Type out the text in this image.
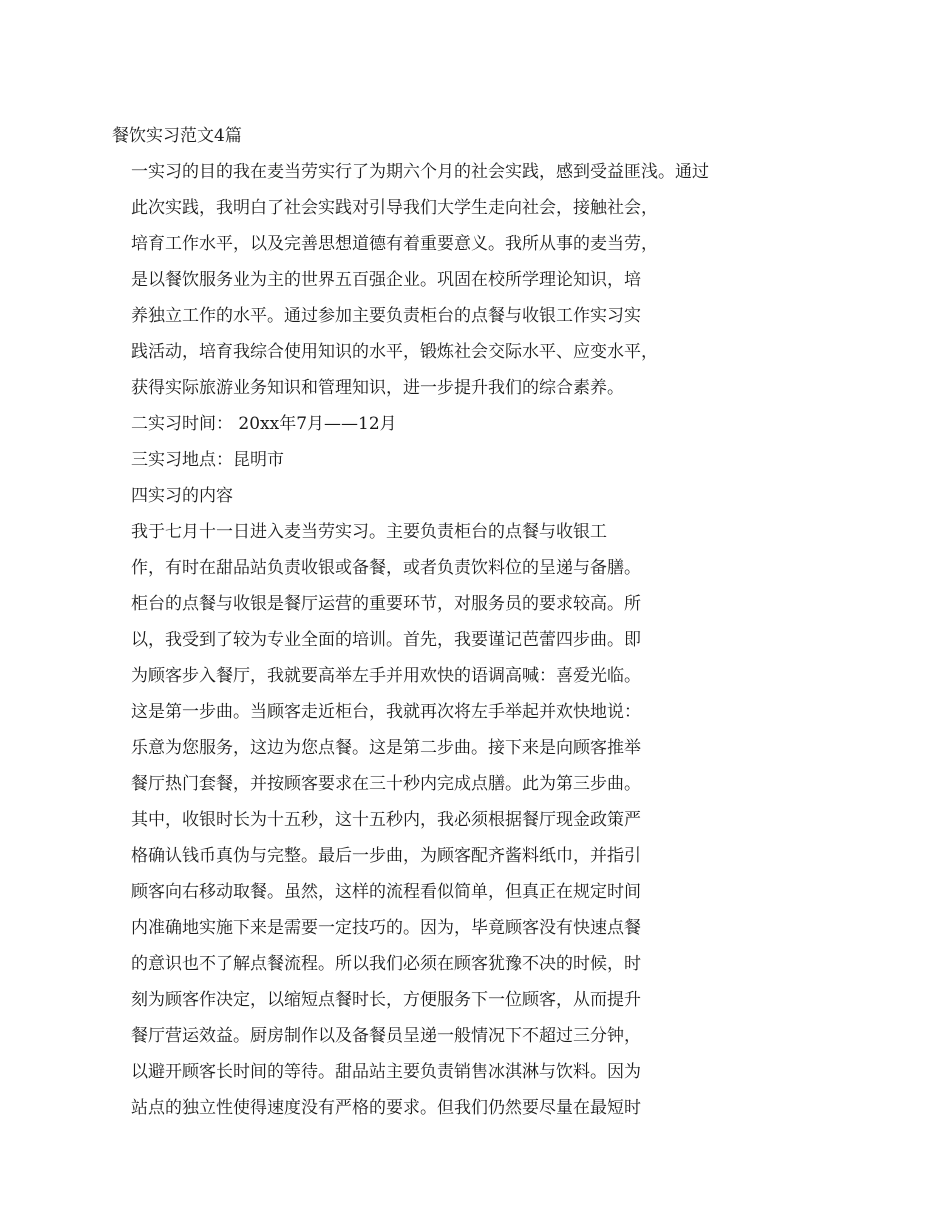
餐饮实习范文4篇
一实习的目的我在麦当劳实行了为期六个月的社会实践，感到受益匪浅。通过
此次实践，我明白了社会实践对引导我们大学生走向社会，接触社会，
培育工作水平，以及完善思想道德有着重要意义。我所从事的麦当劳，
是以餐饮服务业为主的世界五百强企业。巩固在校所学理论知识，培
养独立工作的水平。通过参加主要负责柜台的点餐与收银工作实习实
践活动，培育我综合使用知识的水平，锻炼社会交际水平、应变水平，
获得实际旅游业务知识和管理知识，进一步提升我们的综合素养。
二实习时间： 20xx年7月——12月
三实习地点：昆明市
四实习的内容
我于七月十一日进入麦当劳实习。主要负责柜台的点餐与收银工
作，有时在甜品站负责收银或备餐，或者负责饮料位的呈递与备膳。
柜台的点餐与收银是餐厅运营的重要环节，对服务员的要求较高。所
以，我受到了较为专业全面的培训。首先，我要谨记芭蕾四步曲。即
为顾客步入餐厅，我就要高举左手并用欢快的语调高喊：喜爱光临。
这是第一步曲。当顾客走近柜台，我就再次将左手举起并欢快地说：
乐意为您服务，这边为您点餐。这是第二步曲。接下来是向顾客推举
餐厅热门套餐，并按顾客要求在三十秒内完成点膳。此为第三步曲。
其中，收银时长为十五秒，这十五秒内，我必须根据餐厅现金政策严
格确认钱币真伪与完整。最后一步曲，为顾客配齐酱料纸巾，并指引
顾客向右移动取餐。虽然，这样的流程看似简单，但真正在规定时间
内准确地实施下来是需要一定技巧的。因为，毕竟顾客没有快速点餐
的意识也不了解点餐流程。所以我们必须在顾客犹豫不决的时候，时
刻为顾客作决定，以缩短点餐时长，方便服务下一位顾客，从而提升
餐厅营运效益。厨房制作以及备餐员呈递一般情况下不超过三分钟，
以避开顾客长时间的等待。甜品站主要负责销售冰淇淋与饮料。因为
站点的独立性使得速度没有严格的要求。但我们仍然要尽量在最短时
